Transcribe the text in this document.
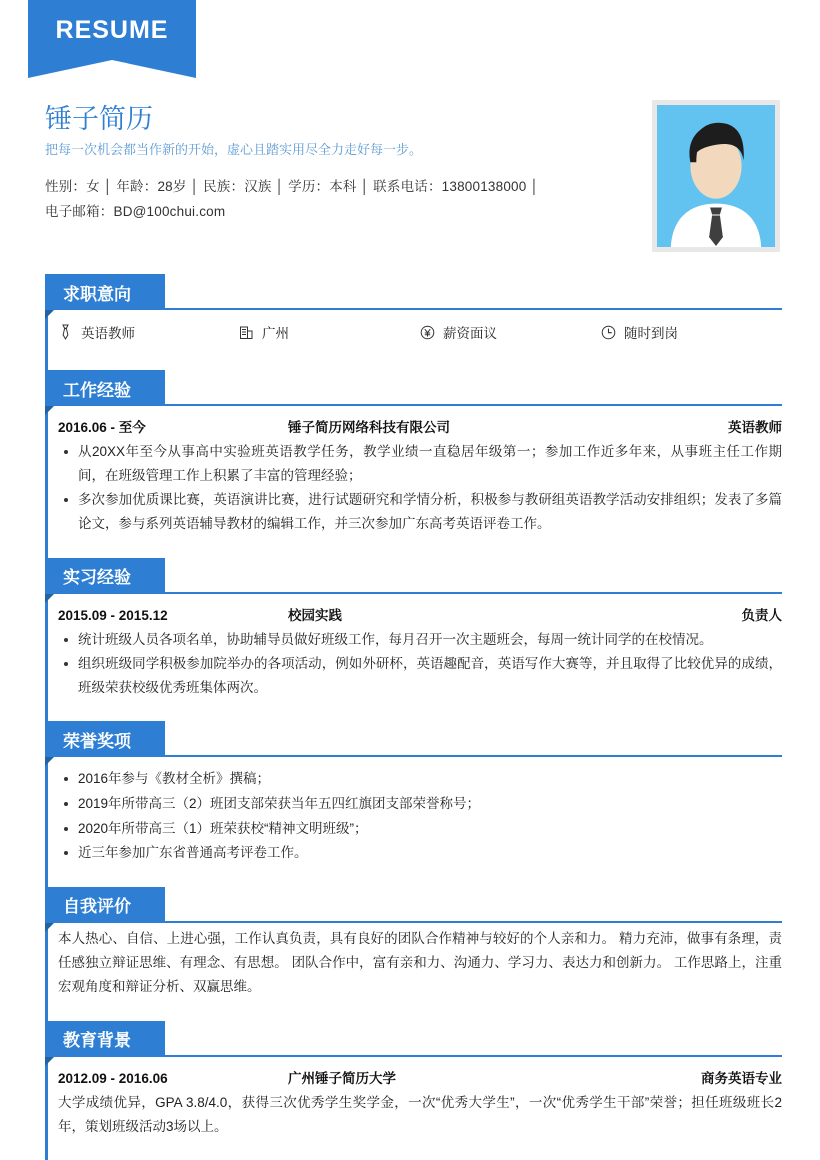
RESUME
锤子简历
把每一次机会都当作新的开始，虚心且踏实用尽全力走好每一步。
性别：女 │ 年龄：28岁 │ 民族：汉族 │ 学历：本科 │ 联系电话：13800138000 │
电子邮箱：BD@100chui.com
求职意向
英语教师	广州	薪资面议	随时到岗
工作经验
2016.06 - 至今	锤子简历网络科技有限公司	英语教师
从20XX年至今从事高中实验班英语教学任务，教学业绩一直稳居年级第一；参加工作近多年来，从事班主任工作期间，在班级管理工作上积累了丰富的管理经验；
多次参加优质课比赛，英语演讲比赛，进行试题研究和学情分析，积极参与教研组英语教学活动安排组织；发表了多篇论文，参与系列英语辅导教材的编辑工作，并三次参加广东高考英语评卷工作。
实习经验
2015.09 - 2015.12	校园实践	负责人
统计班级人员各项名单，协助辅导员做好班级工作，每月召开一次主题班会，每周一统计同学的在校情况。
组织班级同学积极参加院举办的各项活动，例如外研杯，英语趣配音，英语写作大赛等，并且取得了比较优异的成绩，班级荣获校级优秀班集体两次。
荣誉奖项
2016年参与《教材全析》撰稿；
2019年所带高三（2）班团支部荣获当年五四红旗团支部荣誉称号；
2020年所带高三（1）班荣获校“精神文明班级”；
近三年参加广东省普通高考评卷工作。
自我评价
本人热心、自信、上进心强，工作认真负责，具有良好的团队合作精神与较好的个人亲和力。 精力充沛，做事有条理，责任感独立辩证思维、有理念、有思想。 团队合作中，富有亲和力、沟通力、学习力、表达力和创新力。 工作思路上，注重宏观角度和辩证分析、双赢思维。
教育背景
2012.09 - 2016.06	广州锤子简历大学	商务英语专业
大学成绩优异，GPA 3.8/4.0，获得三次优秀学生奖学金，一次“优秀大学生”，一次“优秀学生干部”荣誉；担任班级班长2年，策划班级活动3场以上。
